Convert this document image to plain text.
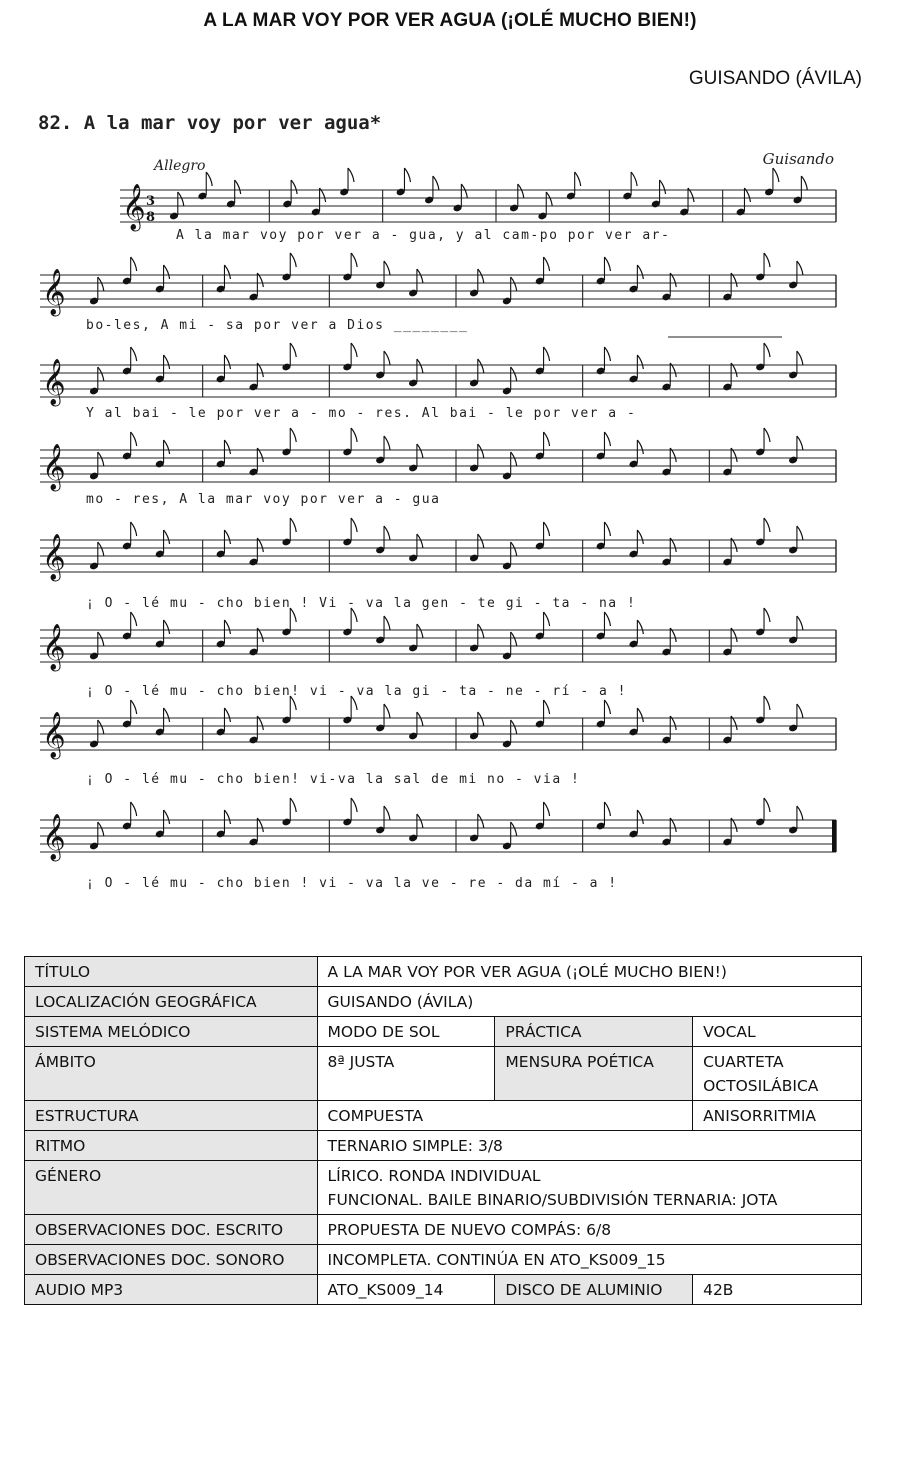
A LA MAR VOY POR VER AGUA (¡OLÉ MUCHO BIEN!)
GUISANDO (ÁVILA)
𝄞 3
8
𝄞
𝄞
𝄞
𝄞
𝄞
𝄞
𝄞
82. A la mar voy por ver agua*
Allegro	Guisando
A la mar voy por ver a - gua, y al cam-po por ver ar-
bo-les, A mi - sa por ver a Dios ________
Y al bai - le por ver a - mo - res. Al bai - le por ver a -
mo - res, A la mar voy por ver a - gua
¡ O - lé mu - cho bien ! Vi - va la gen - te gi - ta - na !
¡ O - lé mu - cho bien! vi - va la gi - ta - ne - rí - a !
¡ O - lé mu - cho bien! vi-va la sal de mi no - via !
¡ O - lé mu - cho bien ! vi - va la ve - re - da mí - a !
TÍTULO	A LA MAR VOY POR VER AGUA (¡OLÉ MUCHO BIEN!)		

LOCALIZACIÓN GEOGRÁFICA	GUISANDO (ÁVILA)		

SISTEMA MELÓDICO	MODO DE SOL	PRÁCTICA	VOCAL

ÁMBITO	8ª JUSTA	MENSURA POÉTICA	CUARTETA OCTOSILÁBICA

ESTRUCTURA	COMPUESTA		ANISORRITMIA

RITMO	TERNARIO SIMPLE: 3/8		

GÉNERO	LÍRICO. RONDA INDIVIDUAL
FUNCIONAL. BAILE BINARIO/SUBDIVISIÓN TERNARIA: JOTA		

OBSERVACIONES DOC. ESCRITO	PROPUESTA DE NUEVO COMPÁS: 6/8		

OBSERVACIONES DOC. SONORO	INCOMPLETA. CONTINÚA EN ATO_KS009_15		

AUDIO MP3	ATO_KS009_14	DISCO DE ALUMINIO	42B
